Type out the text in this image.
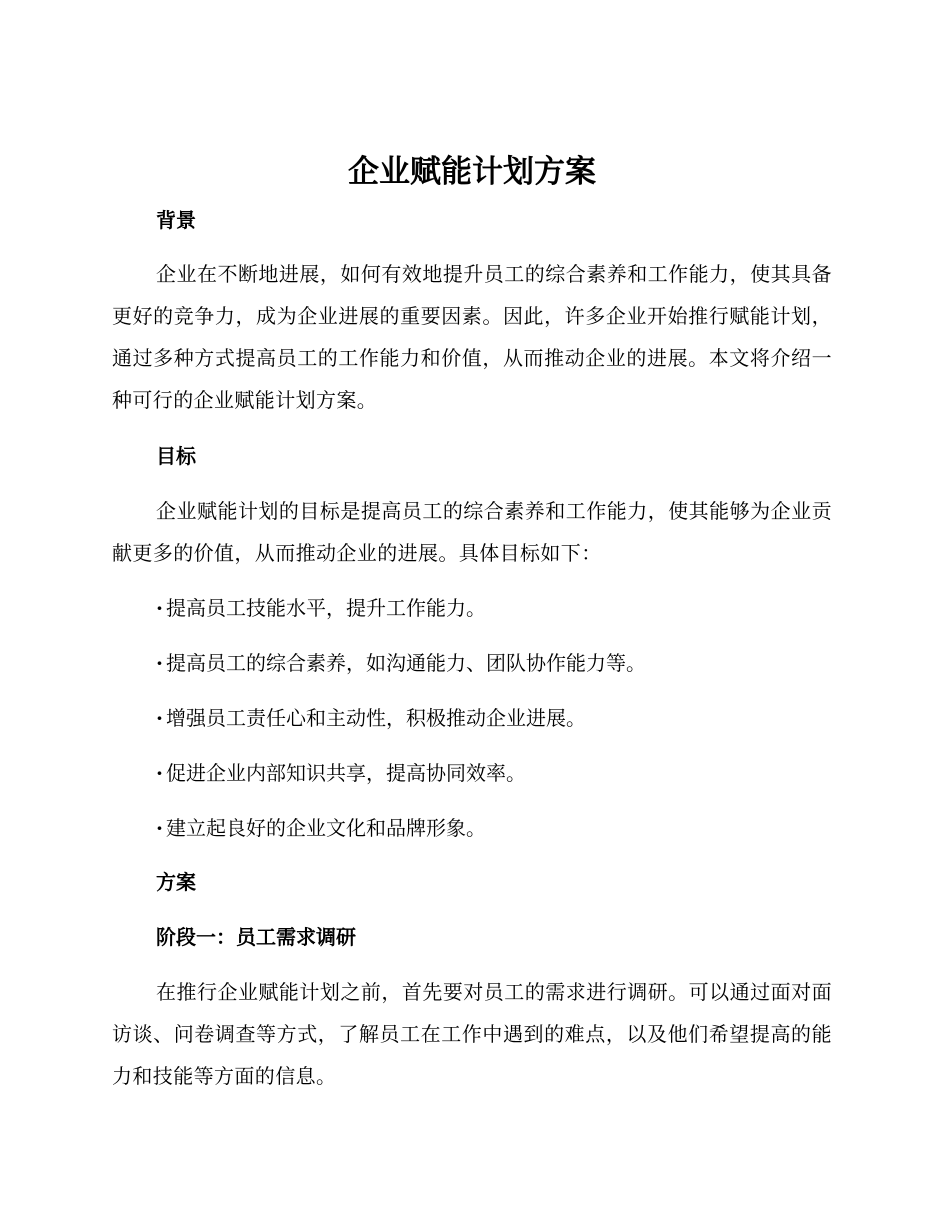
企业赋能计划方案
背景

企业在不断地进展，如何有效地提升员工的综合素养和工作能力，使其具备更好的竞争力，成为企业进展的重要因素。因此，许多企业开始推行赋能计划，通过多种方式提高员工的工作能力和价值，从而推动企业的进展。本文将介绍一种可行的企业赋能计划方案。

目标

企业赋能计划的目标是提高员工的综合素养和工作能力，使其能够为企业贡献更多的价值，从而推动企业的进展。具体目标如下：

· 提高员工技能水平，提升工作能力。

· 提高员工的综合素养，如沟通能力、团队协作能力等。

· 增强员工责任心和主动性，积极推动企业进展。

· 促进企业内部知识共享，提高协同效率。

· 建立起良好的企业文化和品牌形象。

方案
阶段一：员工需求调研

在推行企业赋能计划之前，首先要对员工的需求进行调研。可以通过面对面访谈、问卷调查等方式，了解员工在工作中遇到的难点，以及他们希望提高的能力和技能等方面的信息。
